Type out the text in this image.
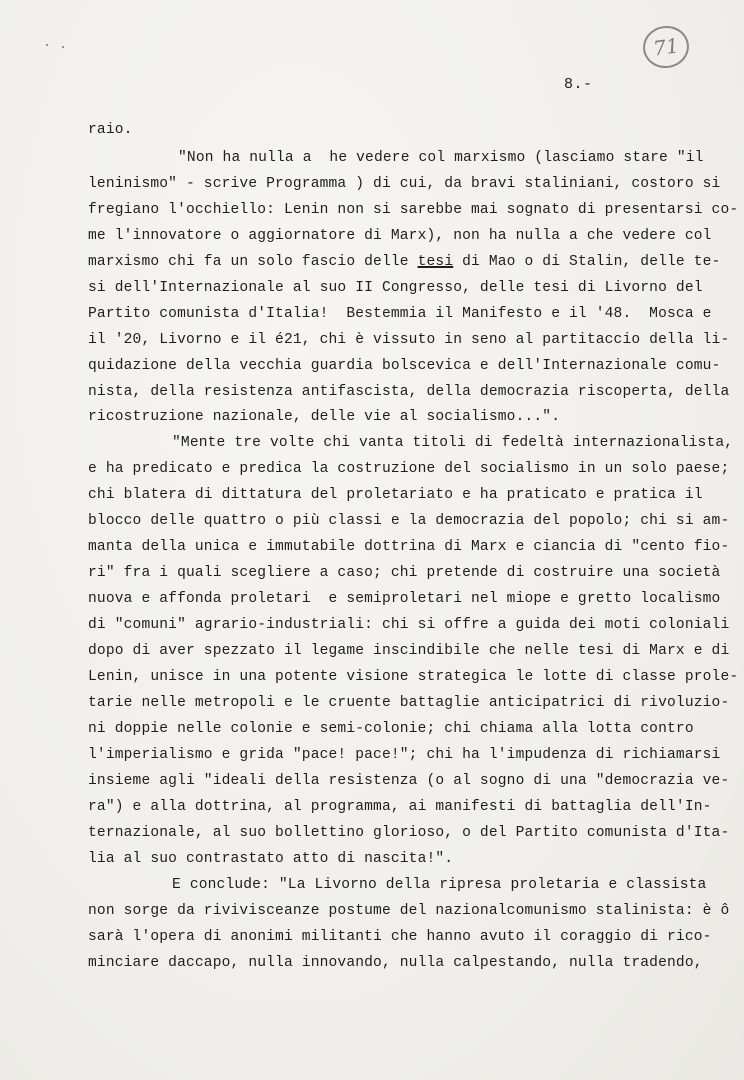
71
8.-
raio.
"Non ha nulla a  he vedere col marxismo (lasciamo stare "il
leninismo" - scrive Programma ) di cui, da bravi staliniani, costoro si
fregiano l'occhiello: Lenin non si sarebbe mai sognato di presentarsi co-
me l'innovatore o aggiornatore di Marx), non ha nulla a che vedere col
marxismo chi fa un solo fascio delle tesi di Mao o di Stalin, delle te-
si dell'Internazionale al suo II Congresso, delle tesi di Livorno del
Partito comunista d'Italia!  Bestemmia il Manifesto e il '48.  Mosca e
il '20, Livorno e il é21, chi è vissuto in seno al partitaccio della li-
quidazione della vecchia guardia bolscevica e dell'Internazionale comu-
nista, della resistenza antifascista, della democrazia riscoperta, della
ricostruzione nazionale, delle vie al socialismo...".
"Mente tre volte chi vanta titoli di fedeltà internazionalista,
e ha predicato e predica la costruzione del socialismo in un solo paese;
chi blatera di dittatura del proletariato e ha praticato e pratica il
blocco delle quattro o più classi e la democrazia del popolo; chi si am-
manta della unica e immutabile dottrina di Marx e ciancia di "cento fio-
ri" fra i quali scegliere a caso; chi pretende di costruire una società
nuova e affonda proletari  e semiproletari nel miope e gretto localismo
di "comuni" agrario-industriali: chi si offre a guida dei moti coloniali
dopo di aver spezzato il legame inscindibile che nelle tesi di Marx e di
Lenin, unisce in una potente visione strategica le lotte di classe prole-
tarie nelle metropoli e le cruente battaglie anticipatrici di rivoluzio-
ni doppie nelle colonie e semi-colonie; chi chiama alla lotta contro
l'imperialismo e grida "pace! pace!"; chi ha l'impudenza di richiamarsi
insieme agli "ideali della resistenza (o al sogno di una "democrazia ve-
ra") e alla dottrina, al programma, ai manifesti di battaglia dell'In-
ternazionale, al suo bollettino glorioso, o del Partito comunista d'Ita-
lia al suo contrastato atto di nascita!".
E conclude: "La Livorno della ripresa proletaria e classista
non sorge da rivivisceanze postume del nazionalcomunismo stalinista: è ô
sarà l'opera di anonimi militanti che hanno avuto il coraggio di rico-
minciare daccapo, nulla innovando, nulla calpestando, nulla tradendo,
